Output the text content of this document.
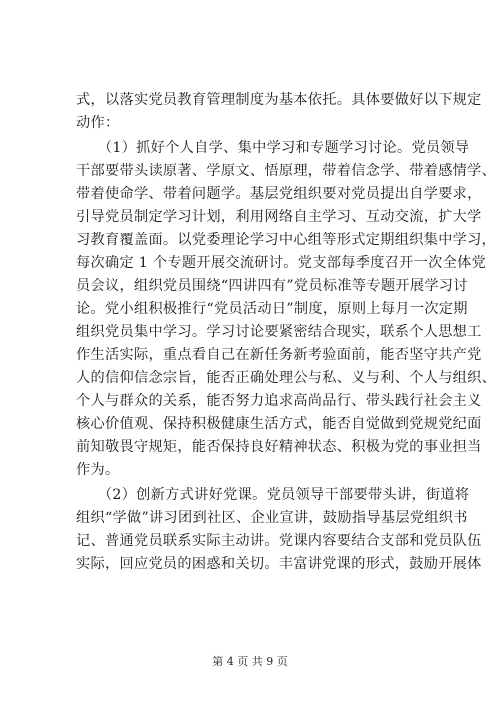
式，以落实党员教育管理制度为基本依托。具体要做好以下规定
动作：
　　（1）抓好个人自学、集中学习和专题学习讨论。党员领导
干部要带头读原著、学原文、悟原理，带着信念学、带着感情学、
带着使命学、带着问题学。基层党组织要对党员提出自学要求，
引导党员制定学习计划，利用网络自主学习、互动交流，扩大学
习教育覆盖面。以党委理论学习中心组等形式定期组织集中学习，
每次确定 1 个专题开展交流研讨。党支部每季度召开一次全体党
员会议，组织党员围绕“四讲四有”党员标准等专题开展学习讨
论。党小组积极推行“党员活动日”制度，原则上每月一次定期
组织党员集中学习。学习讨论要紧密结合现实，联系个人思想工
作生活实际，重点看自己在新任务新考验面前，能否坚守共产党
人的信仰信念宗旨，能否正确处理公与私、义与利、个人与组织、
个人与群众的关系，能否努力追求高尚品行、带头践行社会主义
核心价值观、保持积极健康生活方式，能否自觉做到党规党纪面
前知敬畏守规矩，能否保持良好精神状态、积极为党的事业担当
作为。
　　（2）创新方式讲好党课。党员领导干部要带头讲，街道将
组织“学做”讲习团到社区、企业宣讲，鼓励指导基层党组织书
记、普通党员联系实际主动讲。党课内容要结合支部和党员队伍
实际，回应党员的困惑和关切。丰富讲党课的形式，鼓励开展体
第 4 页 共 9 页
